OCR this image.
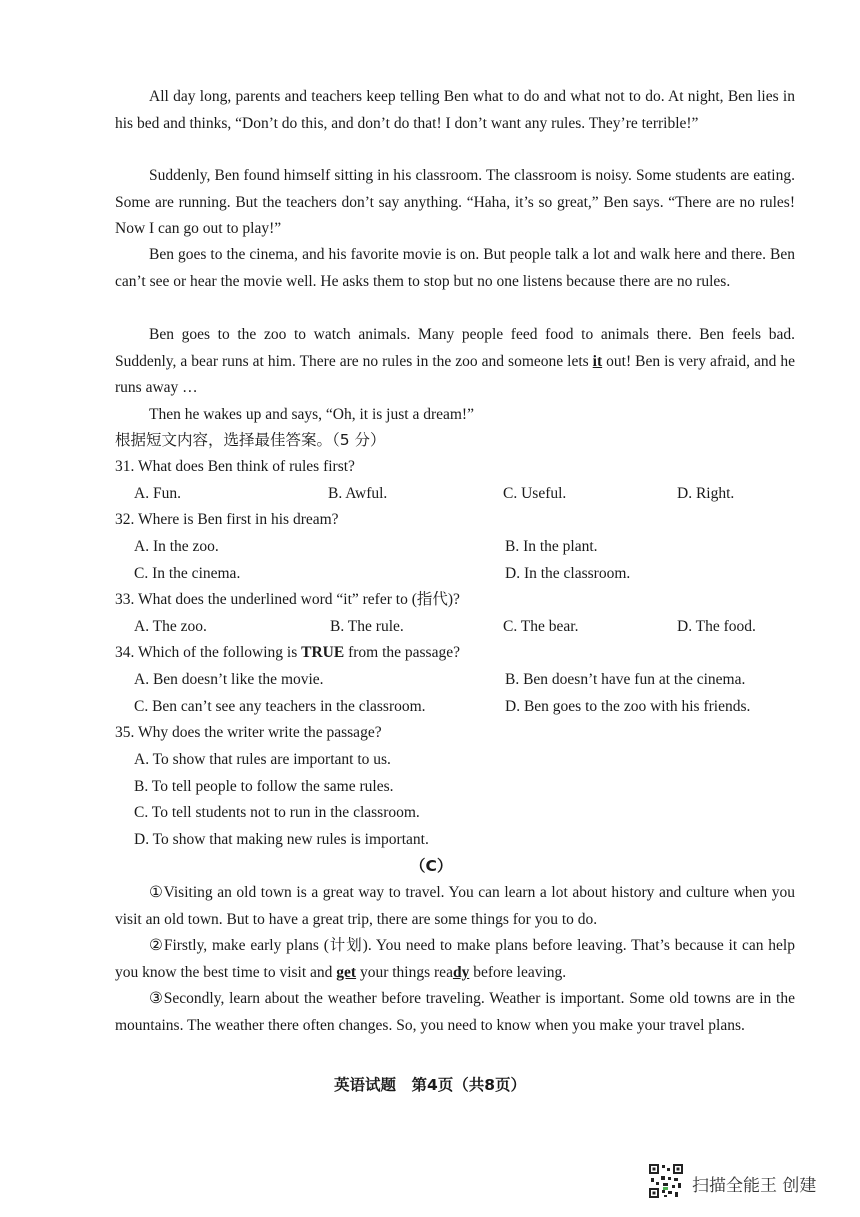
All day long, parents and teachers keep telling Ben what to do and what not to do. At night, Ben lies in his bed and thinks, “Don’t do this, and don’t do that! I don’t want any rules. They’re terrible!”

Suddenly, Ben found himself sitting in his classroom. The classroom is noisy. Some students are eating. Some are running. But the teachers don’t say anything. “Haha, it’s so great,” Ben says. “There are no rules! Now I can go out to play!”

Ben goes to the cinema, and his favorite movie is on. But people talk a lot and walk here and there. Ben can’t see or hear the movie well. He asks them to stop but no one listens because there are no rules.

Ben goes to the zoo to watch animals. Many people feed food to animals there. Ben feels bad. Suddenly, a bear runs at him. There are no rules in the zoo and someone lets it out! Ben is very afraid, and he runs away …

Then he wakes up and says, “Oh, it is just a dream!”

根据短文内容，选择最佳答案。（5 分）
31. What does Ben think of rules first?
A. Fun.	B. Awful.	C. Useful.	D. Right.
32. Where is Ben first in his dream?
A. In the zoo.	B. In the plant.
C. In the cinema.	D. In the classroom.
33. What does the underlined word “it” refer to (指代)?
A. The zoo.	B. The rule.	C. The bear.	D. The food.
34. Which of the following is TRUE from the passage?
A. Ben doesn’t like the movie.	B. Ben doesn’t have fun at the cinema.
C. Ben can’t see any teachers in the classroom.	D. Ben goes to the zoo with his friends.
35. Why does the writer write the passage?
A. To show that rules are important to us.
B. To tell people to follow the same rules.
C. To tell students not to run in the classroom.
D. To show that making new rules is important.
（C）

①Visiting an old town is a great way to travel. You can learn a lot about history and culture when you visit an old town. But to have a great trip, there are some things for you to do.

②Firstly, make early plans (计划). You need to make plans before leaving. That’s because it can help you know the best time to visit and get your things ready before leaving.

③Secondly, learn about the weather before traveling. Weather is important. Some old towns are in the mountains. The weather there often changes. So, you need to know when you make your travel plans.

英语试题　第4页（共8页）
扫描全能王 创建
